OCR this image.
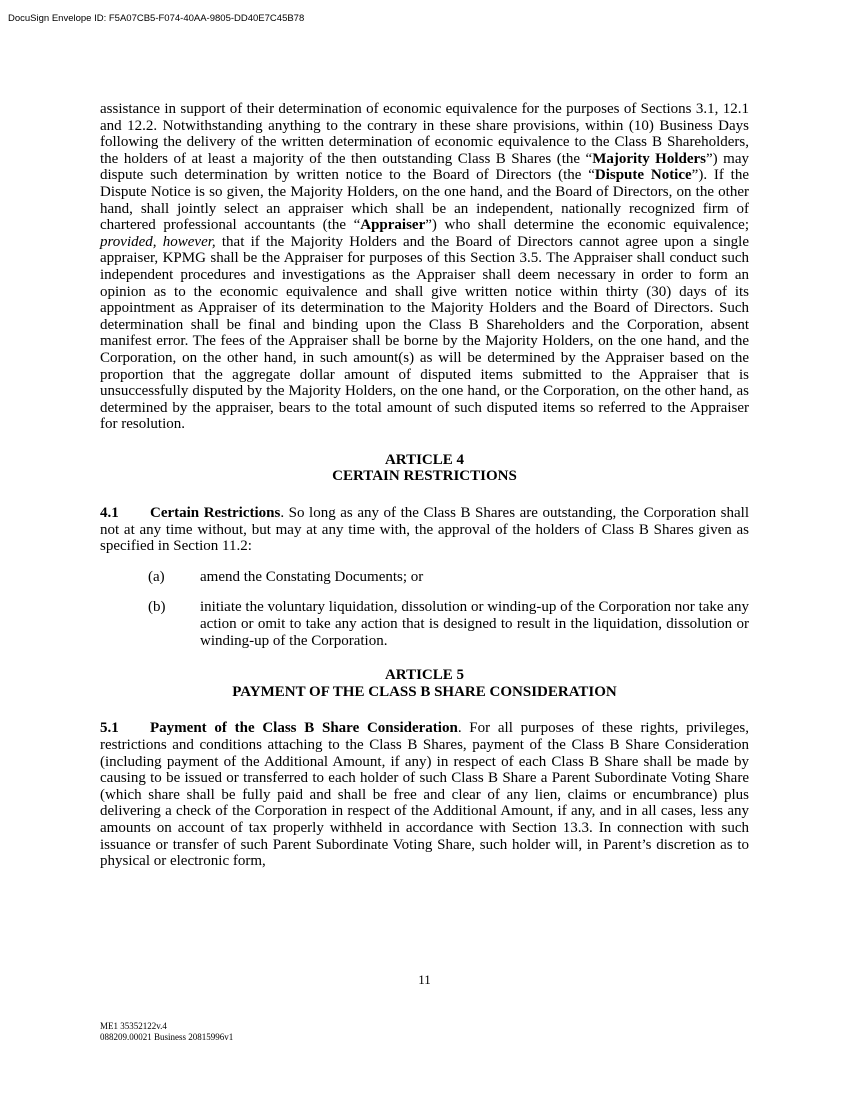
DocuSign Envelope ID: F5A07CB5-F074-40AA-9805-DD40E7C45B78

assistance in support of their determination of economic equivalence for the purposes of Sections 3.1, 12.1 and 12.2. Notwithstanding anything to the contrary in these share provisions, within (10) Business Days following the delivery of the written determination of economic equivalence to the Class B Shareholders, the holders of at least a majority of the then outstanding Class B Shares (the “Majority Holders”) may dispute such determination by written notice to the Board of Directors (the “Dispute Notice”). If the Dispute Notice is so given, the Majority Holders, on the one hand, and the Board of Directors, on the other hand, shall jointly select an appraiser which shall be an independent, nationally recognized firm of chartered professional accountants (the “Appraiser”) who shall determine the economic equivalence; provided, however, that if the Majority Holders and the Board of Directors cannot agree upon a single appraiser, KPMG shall be the Appraiser for purposes of this Section 3.5. The Appraiser shall conduct such independent procedures and investigations as the Appraiser shall deem necessary in order to form an opinion as to the economic equivalence and shall give written notice within thirty (30) days of its appointment as Appraiser of its determination to the Majority Holders and the Board of Directors. Such determination shall be final and binding upon the Class B Shareholders and the Corporation, absent manifest error. The fees of the Appraiser shall be borne by the Majority Holders, on the one hand, and the Corporation, on the other hand, in such amount(s) as will be determined by the Appraiser based on the proportion that the aggregate dollar amount of disputed items submitted to the Appraiser that is unsuccessfully disputed by the Majority Holders, on the one hand, or the Corporation, on the other hand, as determined by the appraiser, bears to the total amount of such disputed items so referred to the Appraiser for resolution.

ARTICLE 4
CERTAIN RESTRICTIONS

4.1 Certain Restrictions. So long as any of the Class B Shares are outstanding, the Corporation shall not at any time without, but may at any time with, the approval of the holders of Class B Shares given as specified in Section 11.2:

(a)	amend the Constating Documents; or
(b)	initiate the voluntary liquidation, dissolution or winding-up of the Corporation nor take any action or omit to take any action that is designed to result in the liquidation, dissolution or winding-up of the Corporation.
ARTICLE 5
PAYMENT OF THE CLASS B SHARE CONSIDERATION

5.1 Payment of the Class B Share Consideration. For all purposes of these rights, privileges, restrictions and conditions attaching to the Class B Shares, payment of the Class B Share Consideration (including payment of the Additional Amount, if any) in respect of each Class B Share shall be made by causing to be issued or transferred to each holder of such Class B Share a Parent Subordinate Voting Share (which share shall be fully paid and shall be free and clear of any lien, claims or encumbrance) plus delivering a check of the Corporation in respect of the Additional Amount, if any, and in all cases, less any amounts on account of tax properly withheld in accordance with Section 13.3. In connection with such issuance or transfer of such Parent Subordinate Voting Share, such holder will, in Parent’s discretion as to physical or electronic form,

11
ME1 35352122v.4
088209.00021 Business 20815996v1
